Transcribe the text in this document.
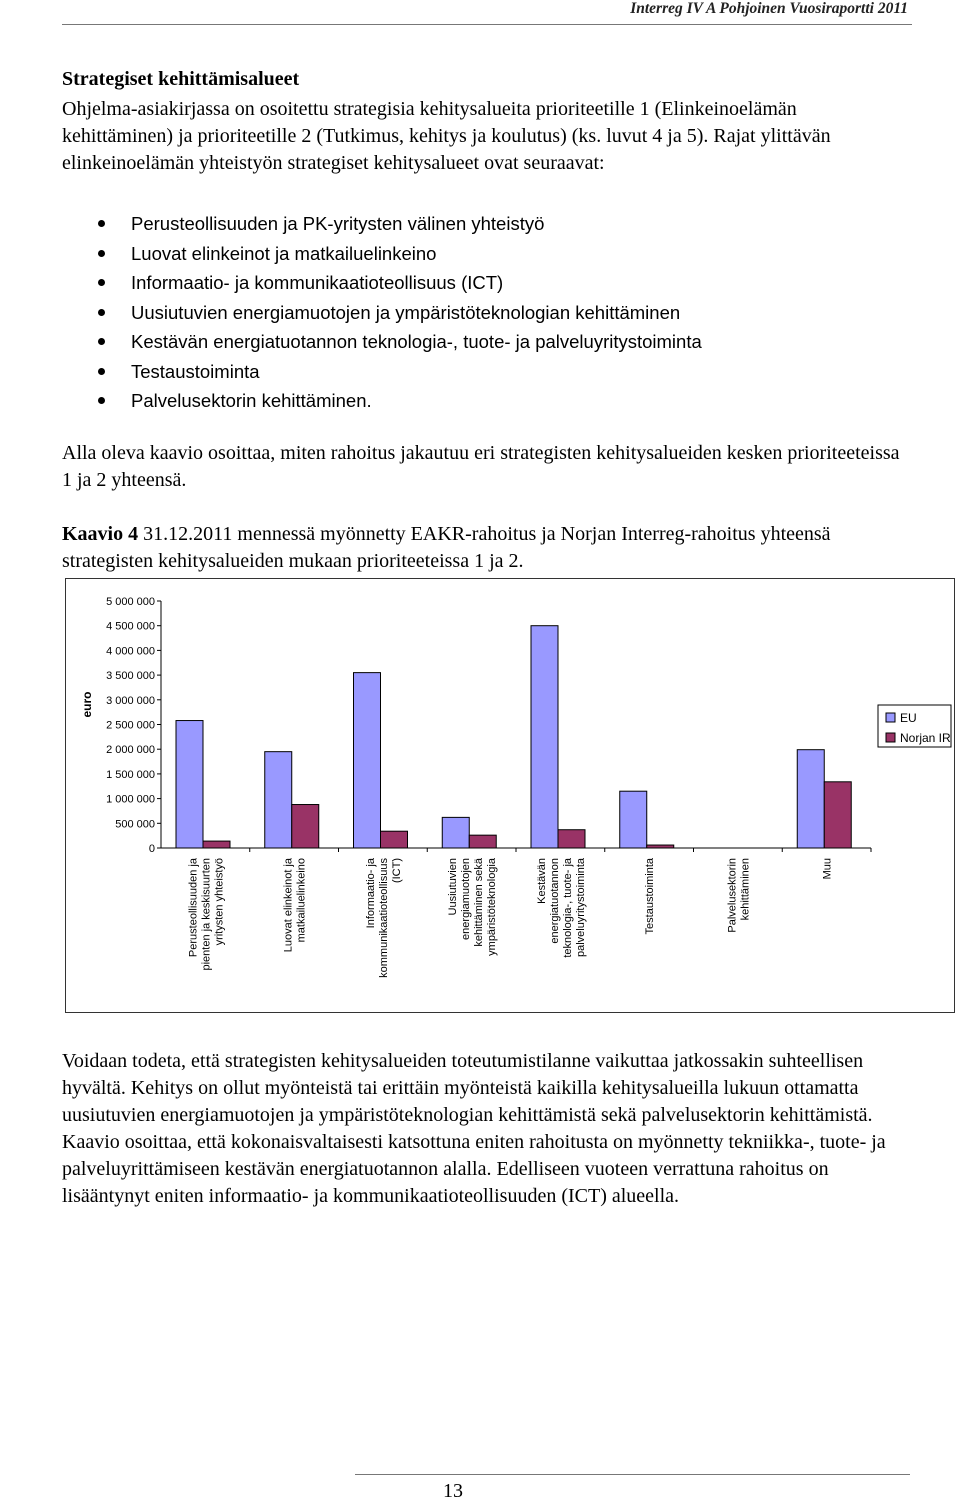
Interreg IV A Pohjoinen Vuosiraportti 2011
Strategiset kehittämisalueet
Ohjelma-asiakirjassa on osoitettu strategisia kehitysalueita prioriteetille 1 (Elinkeinoelämän kehittäminen) ja prioriteetille 2 (Tutkimus, kehitys ja koulutus) (ks. luvut 4 ja 5). Rajat ylittävän elinkeinoelämän yhteistyön strategiset kehitysalueet ovat seuraavat:
Perusteollisuuden ja PK-yritysten välinen yhteistyö
Luovat elinkeinot ja matkailuelinkeino
Informaatio- ja kommunikaatioteollisuus (ICT)
Uusiutuvien energiamuotojen ja ympäristöteknologian kehittäminen
Kestävän energiatuotannon teknologia-, tuote- ja palveluyritystoiminta
Testaustoiminta
Palvelusektorin kehittäminen.
Alla oleva kaavio osoittaa, miten rahoitus jakautuu eri strategisten kehitysalueiden kesken prioriteeteissa 1 ja 2 yhteensä.
Kaavio 4 31.12.2011 mennessä myönnetty EAKR-rahoitus ja Norjan Interreg-rahoitus yhteensä strategisten kehitysalueiden mukaan prioriteeteissa 1 ja 2.
0
500 000
1 000 000
1 500 000
2 000 000
2 500 000
3 000 000
3 500 000
4 000 000
4 500 000
5 000 000
euro
Perusteollisuuden japienten ja keskisuurtenyritysten yhteistyö	Luovat elinkeinot jamatkailuelinkeino	Informaatio- jakommunikaatioteollisuus(ICT)	Uusiutuvienenergiamuotojenkehittäminen sekäympäristöteknologia	Kestävänenergiatuotannonteknologia-, tuote- japalveluyritystoiminta	Testaustoiminta	Palvelusektorinkehittäminen	Muu
EU
Norjan IR
Voidaan todeta, että strategisten kehitysalueiden toteutumistilanne vaikuttaa jatkossakin suhteellisen hyvältä. Kehitys on ollut myönteistä tai erittäin myönteistä kaikilla kehitysalueilla lukuun ottamatta uusiutuvien energiamuotojen ja ympäristöteknologian kehittämistä sekä palvelusektorin kehittämistä. Kaavio osoittaa, että kokonaisvaltaisesti katsottuna eniten rahoitusta on myönnetty tekniikka-, tuote- ja palveluyrittämiseen kestävän energiatuotannon alalla. Edelliseen vuoteen verrattuna rahoitus on lisääntynyt eniten informaatio- ja kommunikaatioteollisuuden (ICT) alueella.
13
